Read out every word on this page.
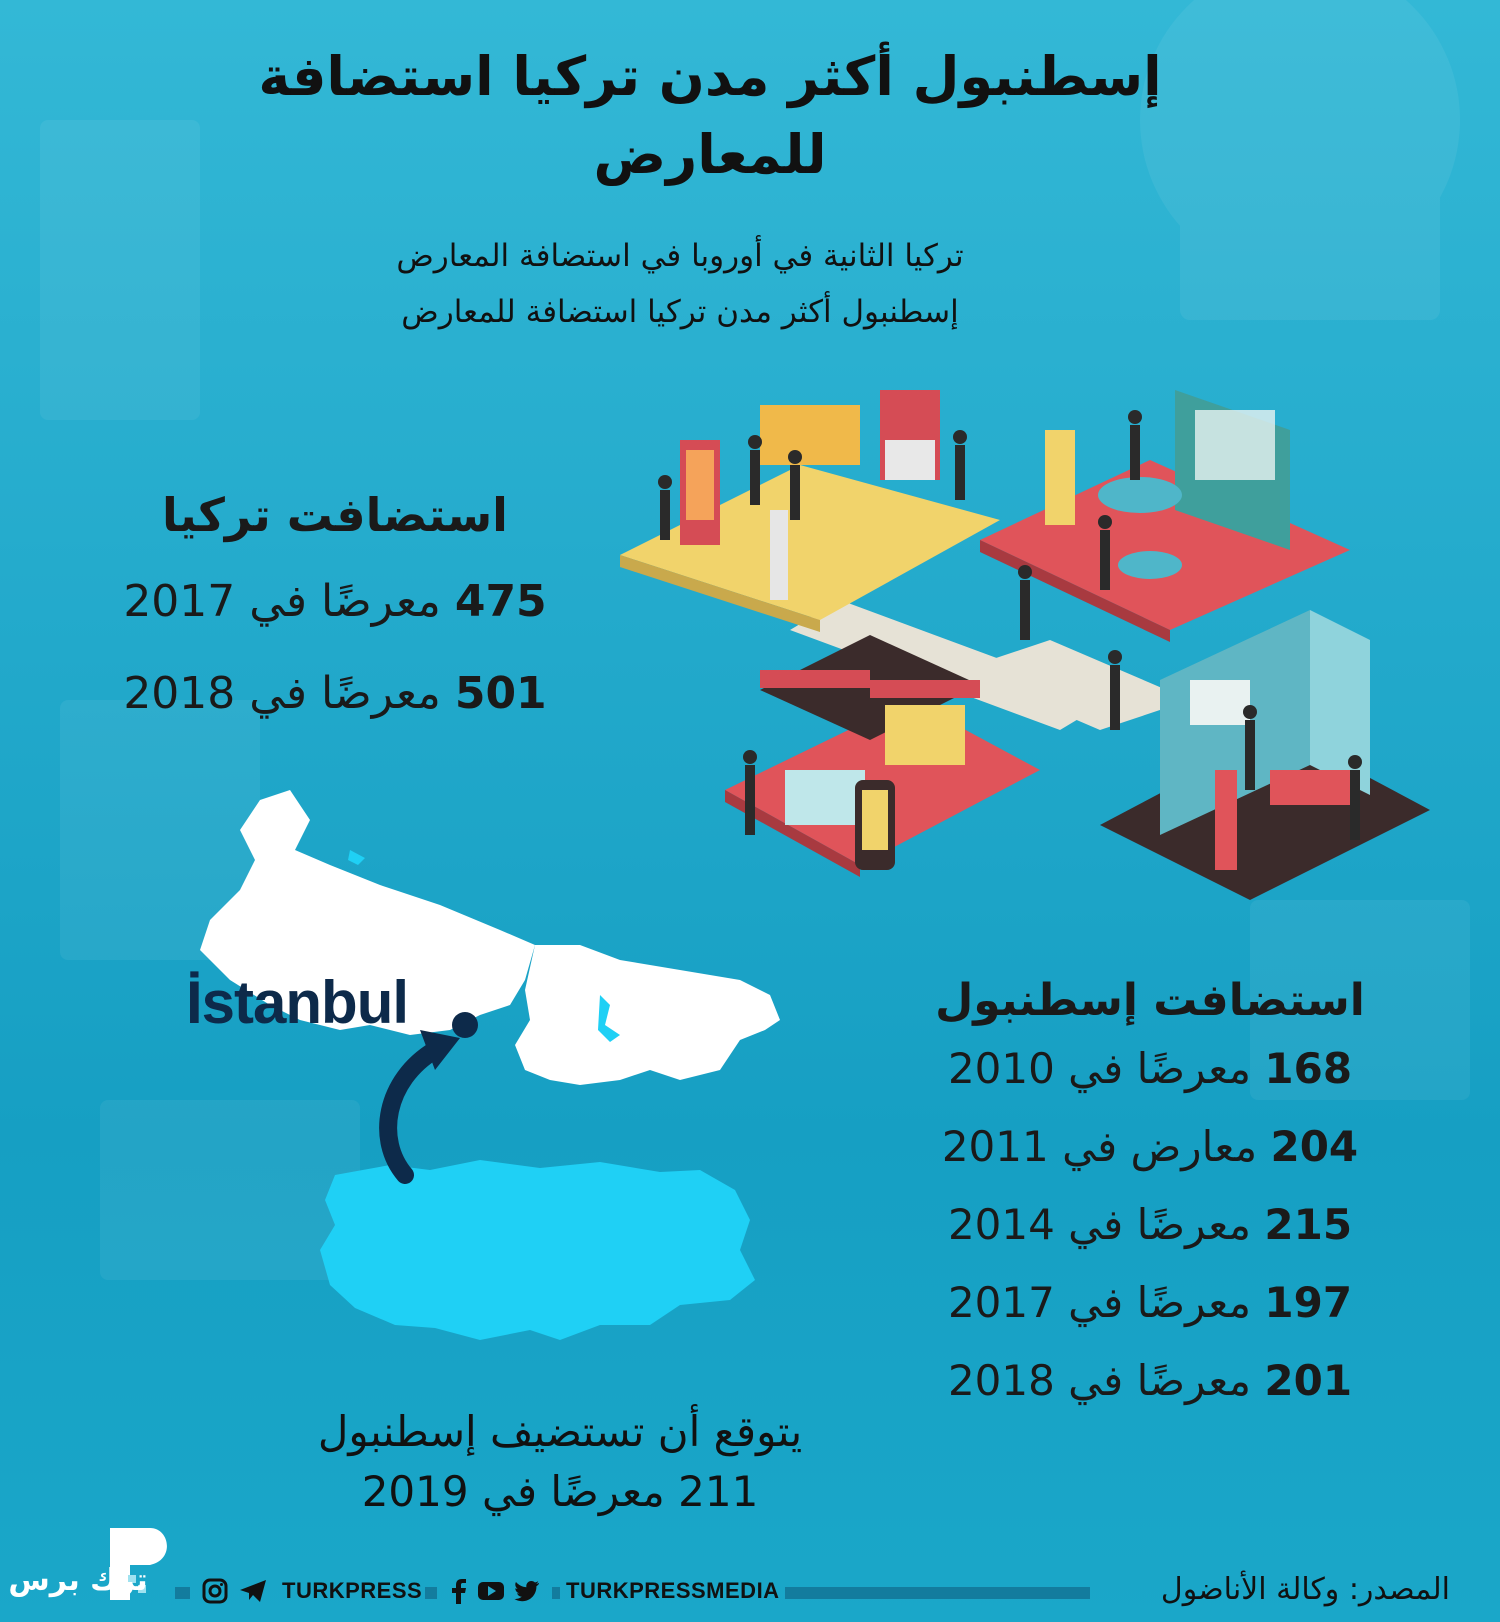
إسطنبول أكثر مدن تركيا استضافة للمعارض
تركيا الثانية في أوروبا في استضافة المعارض
إسطنبول أكثر مدن تركيا استضافة للمعارض
استضافت تركيا
475 معرضًا في 2017
501 معرضًا في 2018
İstanbul	استضافت إسطنبول
168 معرضًا في 2010
204 معارض في 2011
215 معرضًا في 2014
197 معرضًا في 2017
201 معرضًا في 2018
يتوقع أن تستضيف إسطنبول
211 معرضًا في 2019
ترك برس	TURKPRESS	TURKPRESSMEDIA	المصدر: وكالة الأناضول
